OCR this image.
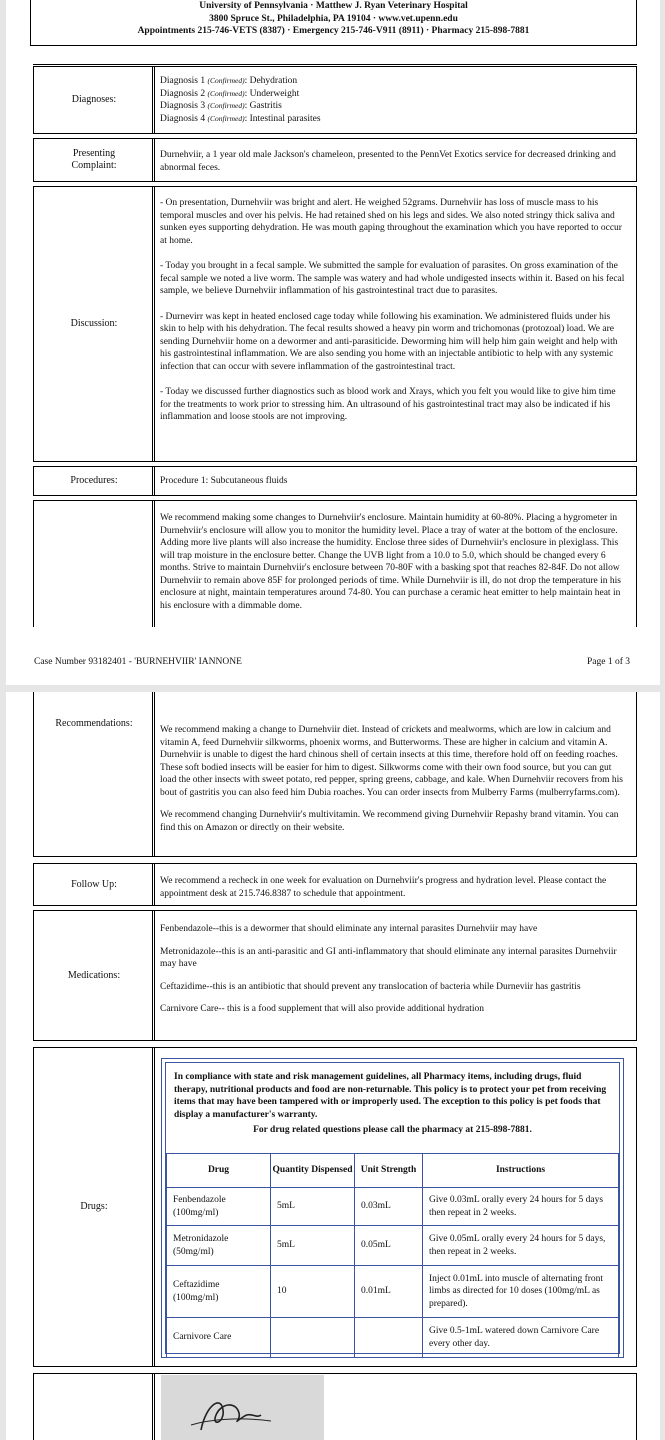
University of Pennsylvania · Matthew J. Ryan Veterinary Hospital
3800 Spruce St., Philadelphia, PA 19104 · www.vet.upenn.edu
Appointments 215-746-VETS (8387) · Emergency 215-746-V911 (8911) · Pharmacy 215-898-7881
Diagnoses:
Diagnosis 1 (Confirmed): Dehydration
Diagnosis 2 (Confirmed): Underweight
Diagnosis 3 (Confirmed): Gastritis
Diagnosis 4 (Confirmed): Intestinal parasites
Presenting Complaint:
Durnehviir, a 1 year old male Jackson's chameleon, presented to the PennVet Exotics service for decreased drinking and abnormal feces.
Discussion:

- On presentation, Durnehviir was bright and alert. He weighed 52grams. Durnehviir has loss of muscle mass to his temporal muscles and over his pelvis. He had retained shed on his legs and sides. We also noted stringy thick saliva and sunken eyes supporting dehydration. He was mouth gaping throughout the examination which you have reported to occur at home.

- Today you brought in a fecal sample. We submitted the sample for evaluation of parasites. On gross examination of the fecal sample we noted a live worm. The sample was watery and had whole undigested insects within it. Based on his fecal sample, we believe Durnehviir inflammation of his gastrointestinal tract due to parasites.

- Durnevirr was kept in heated enclosed cage today while following his examination. We administered fluids under his skin to help with his dehydration. The fecal results showed a heavy pin worm and trichomonas (protozoal) load. We are sending Durnehviir home on a dewormer and anti-parasiticide. Deworming him will help him gain weight and help with his gastrointestinal inflammation. We are also sending you home with an injectable antibiotic to help with any systemic infection that can occur with severe inflammation of the gastrointestinal tract.

- Today we discussed further diagnostics such as blood work and Xrays, which you felt you would like to give him time for the treatments to work prior to stressing him. An ultrasound of his gastrointestinal tract may also be indicated if his inflammation and loose stools are not improving.

Procedures:	Procedure 1: Subcutaneous fluids
We recommend making some changes to Durnehviir's enclosure. Maintain humidity at 60-80%. Placing a hygrometer in Durnehviir's enclosure will allow you to monitor the humidity level. Place a tray of water at the bottom of the enclosure. Adding more live plants will also increase the humidity. Enclose three sides of Durnehviir's enclosure in plexiglass. This will trap moisture in the enclosure better. Change the UVB light from a 10.0 to 5.0, which should be changed every 6 months. Strive to maintain Durnehviir's enclosure between 70-80F with a basking spot that reaches 82-84F. Do not allow Durnehviir to remain above 85F for prolonged periods of time. While Durnehviir is ill, do not drop the temperature in his enclosure at night, maintain temperatures around 74-80. You can purchase a ceramic heat emitter to help maintain heat in his enclosure with a dimmable dome.
Case Number 93182401 - 'BURNEHVIIR' IANNONE	Page 1 of 3
Recommendations:

We recommend making a change to Durnehviir diet. Instead of crickets and mealworms, which are low in calcium and vitamin A, feed Durnehviir silkworms, phoenix worms, and Butterworms. These are higher in calcium and vitamin A. Durnehviir is unable to digest the hard chinous shell of certain insects at this time, therefore hold off on feeding roaches. These soft bodied insects will be easier for him to digest. Silkworms come with their own food source, but you can gut load the other insects with sweet potato, red pepper, spring greens, cabbage, and kale. When Durnehviir recovers from his bout of gastritis you can also feed him Dubia roaches. You can order insects from Mulberry Farms (mulberryfarms.com).

We recommend changing Durnehviir's multivitamin. We recommend giving Durnehviir Repashy brand vitamin. You can find this on Amazon or directly on their website.

Follow Up:	We recommend a recheck in one week for evaluation on Durnehviir's progress and hydration level. Please contact the appointment desk at 215.746.8387 to schedule that appointment.
Medications:

Fenbendazole--this is a dewormer that should eliminate any internal parasites Durnehviir may have

Metronidazole--this is an anti-parasitic and GI anti-inflammatory that should eliminate any internal parasites Durnehviir may have

Ceftazidime--this is an antibiotic that should prevent any translocation of bacteria while Durneviir has gastritis

Carnivore Care-- this is a food supplement that will also provide additional hydration

Drugs:
In compliance with state and risk management guidelines, all Pharmacy items, including drugs, fluid therapy, nutritional products and food are non-returnable. This policy is to protect your pet from receiving items that may have been tampered with or improperly used. The exception to this policy is pet foods that display a manufacturer's warranty.
For drug related questions please call the pharmacy at 215-898-7881.
Drug	Quantity Dispensed	Unit Strength	Instructions
Fenbendazole (100mg/ml)	5mL	0.03mL	Give 0.03mL orally every 24 hours for 5 days then repeat in 2 weeks.
Metronidazole (50mg/ml)	5mL	0.05mL	Give 0.05mL orally every 24 hours for 5 days, then repeat in 2 weeks.
Ceftazidime (100mg/ml)	10	0.01mL	Inject 0.01mL into muscle of alternating front limbs as directed for 10 doses (100mg/mL as prepared).
Carnivore Care			Give 0.5-1mL watered down Carnivore Care every other day.
